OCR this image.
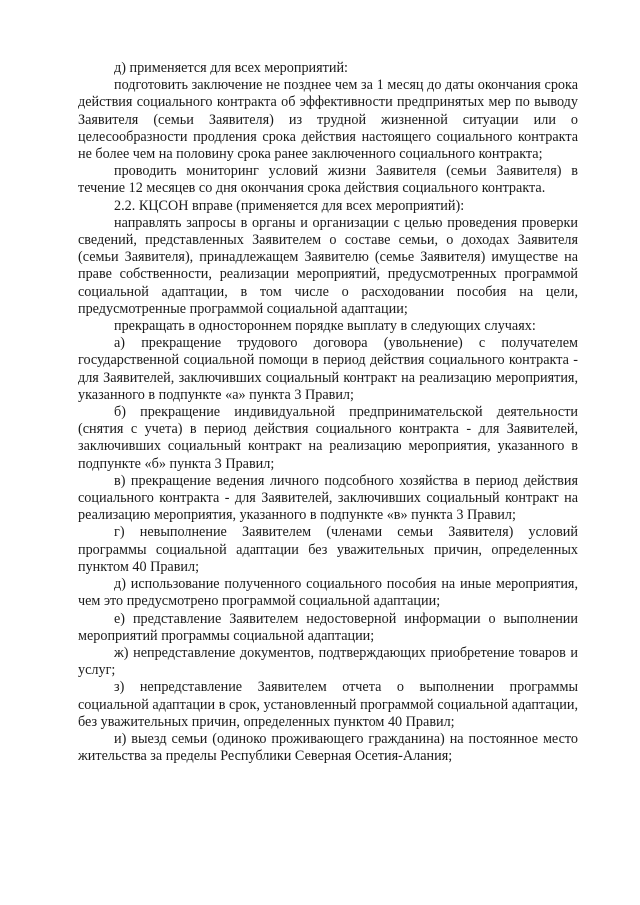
д) применяется для всех мероприятий:

подготовить заключение не позднее чем за 1 месяц до даты окончания срока действия социального контракта об эффективности предпринятых мер по выводу Заявителя (семьи Заявителя) из трудной жизненной ситуации или о целесообразности продления срока действия настоящего социального контракта не более чем на половину срока ранее заключенного социального контракта;

проводить мониторинг условий жизни Заявителя (семьи Заявителя) в течение 12 месяцев со дня окончания срока действия социального контракта.

2.2. КЦСОН вправе (применяется для всех мероприятий):

направлять запросы в органы и организации с целью проведения проверки сведений, представленных Заявителем о составе семьи, о доходах Заявителя (семьи Заявителя), принадлежащем Заявителю (семье Заявителя) имуществе на праве собственности, реализации мероприятий, предусмотренных программой социальной адаптации, в том числе о расходовании пособия на цели, предусмотренные программой социальной адаптации;

прекращать в одностороннем порядке выплату в следующих случаях:

а) прекращение трудового договора (увольнение) с получателем государственной социальной помощи в период действия социального контракта - для Заявителей, заключивших социальный контракт на реализацию мероприятия, указанного в подпункте «а» пункта 3 Правил;

б) прекращение индивидуальной предпринимательской деятельности (снятия с учета) в период действия социального контракта - для Заявителей, заключивших социальный контракт на реализацию мероприятия, указанного в подпункте «б» пункта 3 Правил;

в) прекращение ведения личного подсобного хозяйства в период действия социального контракта - для Заявителей, заключивших социальный контракт на реализацию мероприятия, указанного в подпункте «в» пункта 3 Правил;

г) невыполнение Заявителем (членами семьи Заявителя) условий программы социальной адаптации без уважительных причин, определенных пунктом 40 Правил;

д) использование полученного социального пособия на иные мероприятия, чем это предусмотрено программой социальной адаптации;

е) представление Заявителем недостоверной информации о выполнении мероприятий программы социальной адаптации;

ж) непредставление документов, подтверждающих приобретение товаров и услуг;

з) непредставление Заявителем отчета о выполнении программы социальной адаптации в срок, установленный программой социальной адаптации, без уважительных причин, определенных пунктом 40 Правил;

и) выезд семьи (одиноко проживающего гражданина) на постоянное место жительства за пределы Республики Северная Осетия-Алания;
